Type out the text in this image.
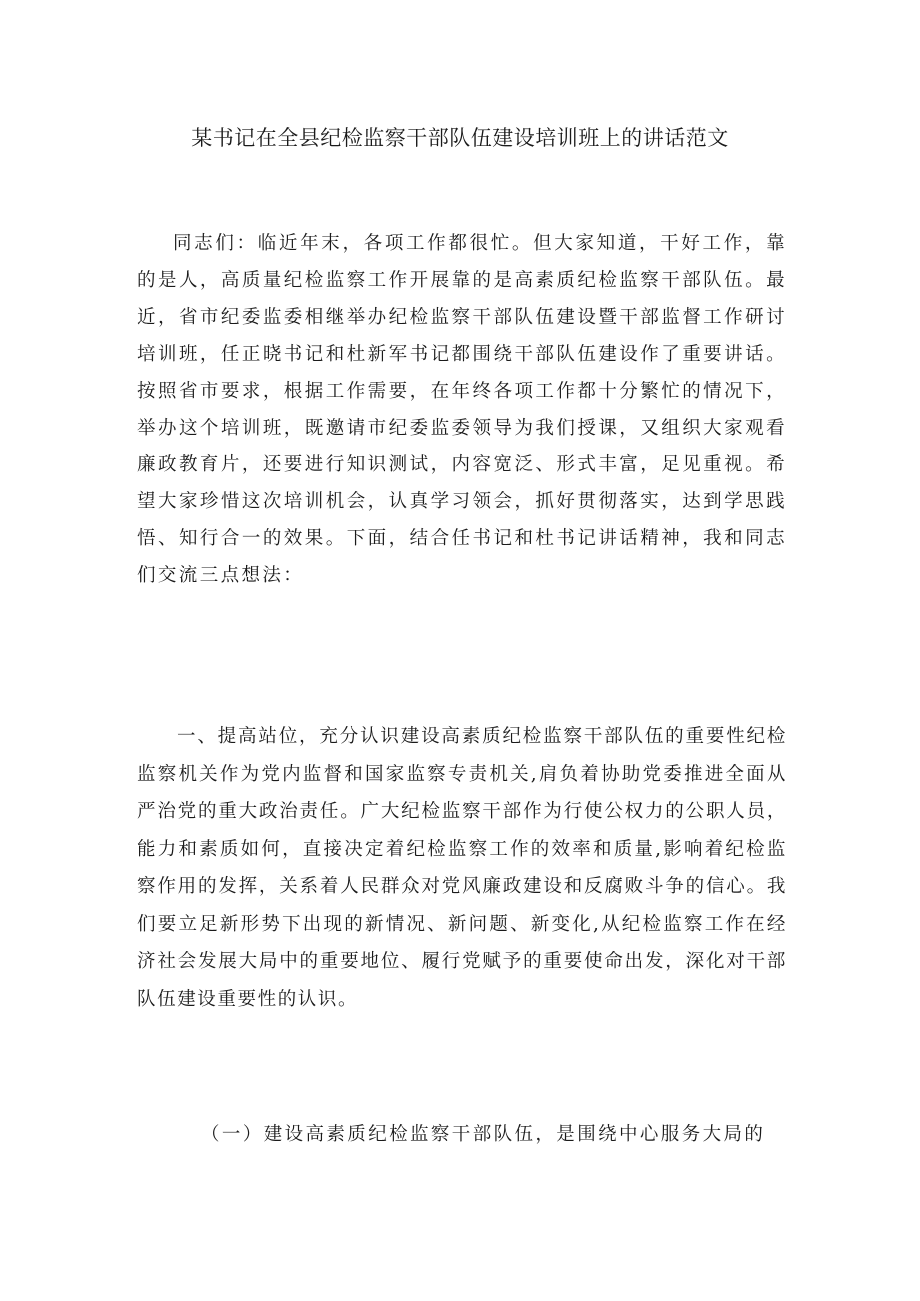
某书记在全县纪检监察干部队伍建设培训班上的讲话范文

同志们：临近年末，各项工作都很忙。但大家知道，干好工作，靠的是人，高质量纪检监察工作开展靠的是高素质纪检监察干部队伍。最近，省市纪委监委相继举办纪检监察干部队伍建设暨干部监督工作研讨培训班，任正晓书记和杜新军书记都围绕干部队伍建设作了重要讲话。按照省市要求，根据工作需要，在年终各项工作都十分繁忙的情况下，举办这个培训班，既邀请市纪委监委领导为我们授课，又组织大家观看廉政教育片，还要进行知识测试，内容宽泛、形式丰富，足见重视。希望大家珍惜这次培训机会，认真学习领会，抓好贯彻落实，达到学思践悟、知行合一的效果。下面，结合任书记和杜书记讲话精神，我和同志们交流三点想法：

一、提高站位，充分认识建设高素质纪检监察干部队伍的重要性纪检监察机关作为党内监督和国家监察专责机关,肩负着协助党委推进全面从严治党的重大政治责任。广大纪检监察干部作为行使公权力的公职人员，能力和素质如何，直接决定着纪检监察工作的效率和质量,影响着纪检监察作用的发挥，关系着人民群众对党风廉政建设和反腐败斗争的信心。我们要立足新形势下出现的新情况、新问题、新变化,从纪检监察工作在经济社会发展大局中的重要地位、履行党赋予的重要使命出发，深化对干部队伍建设重要性的认识。

（一）建设高素质纪检监察干部队伍，是围绕中心服务大局的
